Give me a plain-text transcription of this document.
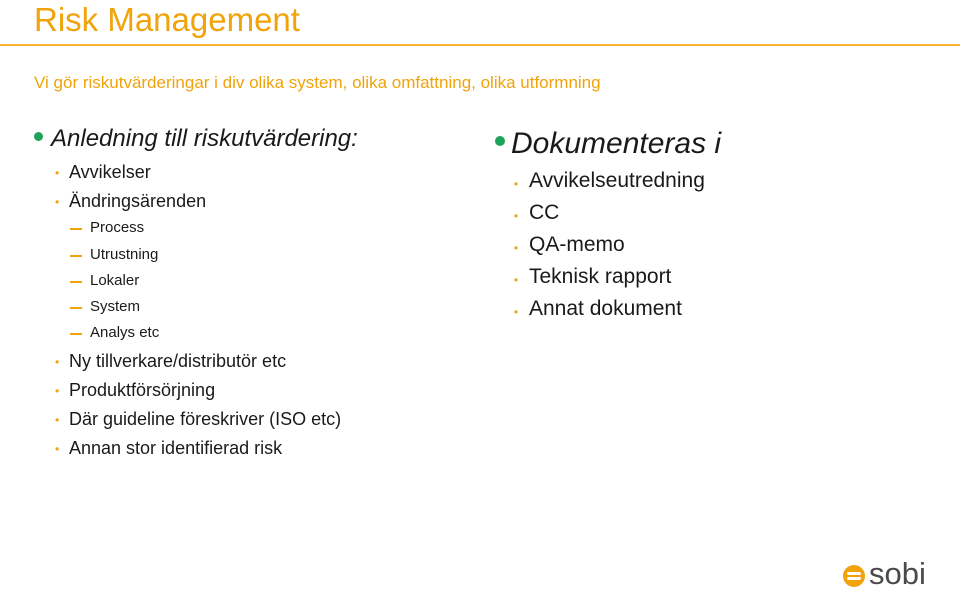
Risk Management
Vi gör riskutvärderingar i div olika system, olika omfattning, olika utformning
Anledning till riskutvärdering:
• Avvikelser
• Ändringsärenden
Process
Utrustning
Lokaler
System
Analys etc
• Ny tillverkare/distributör etc
• Produktförsörjning
• Där guideline föreskriver (ISO etc)
• Annan stor identifierad risk
Dokumenteras i
• Avvikelseutredning
• CC
• QA-memo
• Teknisk rapport
• Annat dokument
sobi
